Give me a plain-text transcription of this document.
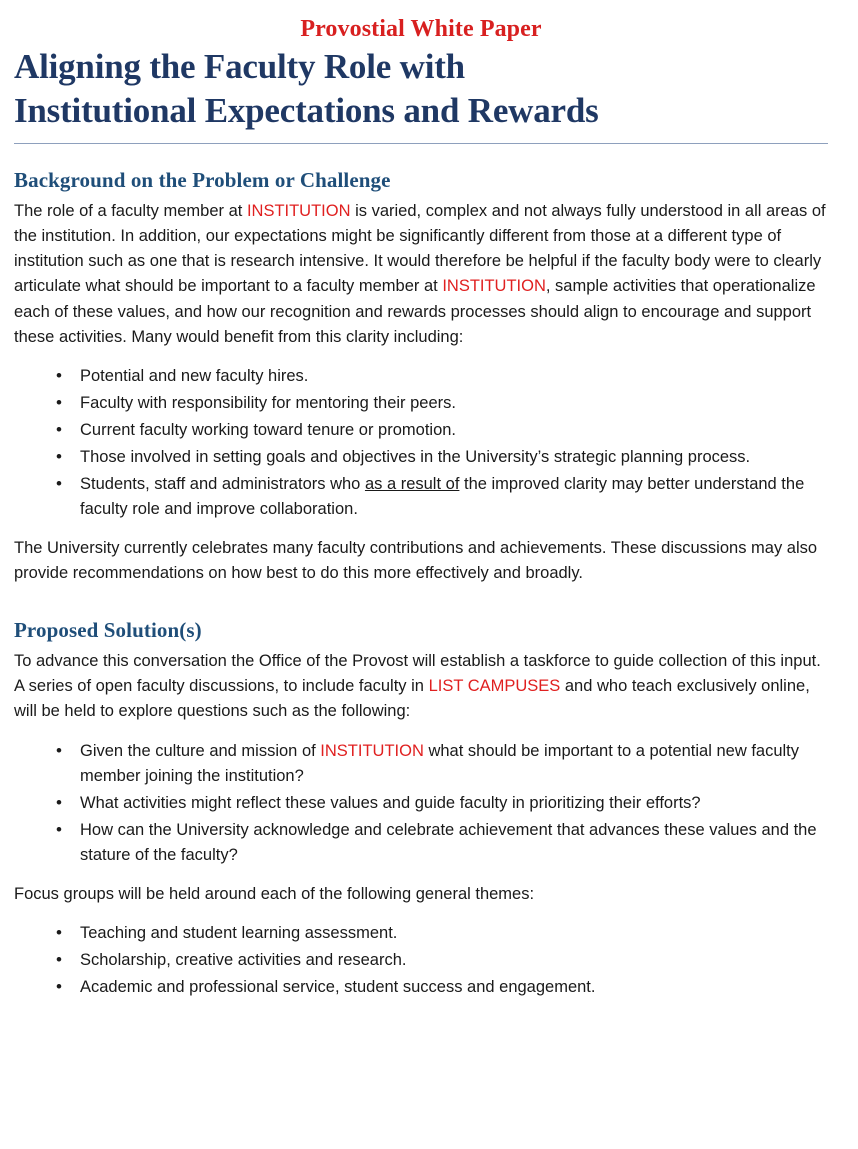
Provostial White Paper
Aligning the Faculty Role with
Institutional Expectations and Rewards
Background on the Problem or Challenge

The role of a faculty member at INSTITUTION is varied, complex and not always fully understood in all areas of the institution. In addition, our expectations might be significantly different from those at a different type of institution such as one that is research intensive. It would therefore be helpful if the faculty body were to clearly articulate what should be important to a faculty member at INSTITUTION, sample activities that operationalize each of these values, and how our recognition and rewards processes should align to encourage and support these activities. Many would benefit from this clarity including:

• Potential and new faculty hires.
• Faculty with responsibility for mentoring their peers.
• Current faculty working toward tenure or promotion.
• Those involved in setting goals and objectives in the University’s strategic planning process.
• Students, staff and administrators who as a result of the improved clarity may better understand the faculty role and improve collaboration.

The University currently celebrates many faculty contributions and achievements. These discussions may also provide recommendations on how best to do this more effectively and broadly.

Proposed Solution(s)

To advance this conversation the Office of the Provost will establish a taskforce to guide collection of this input. A series of open faculty discussions, to include faculty in LIST CAMPUSES and who teach exclusively online, will be held to explore questions such as the following:

• Given the culture and mission of INSTITUTION what should be important to a potential new faculty member joining the institution?
• What activities might reflect these values and guide faculty in prioritizing their efforts?
• How can the University acknowledge and celebrate achievement that advances these values and the stature of the faculty?

Focus groups will be held around each of the following general themes:

• Teaching and student learning assessment.
• Scholarship, creative activities and research.
• Academic and professional service, student success and engagement.
